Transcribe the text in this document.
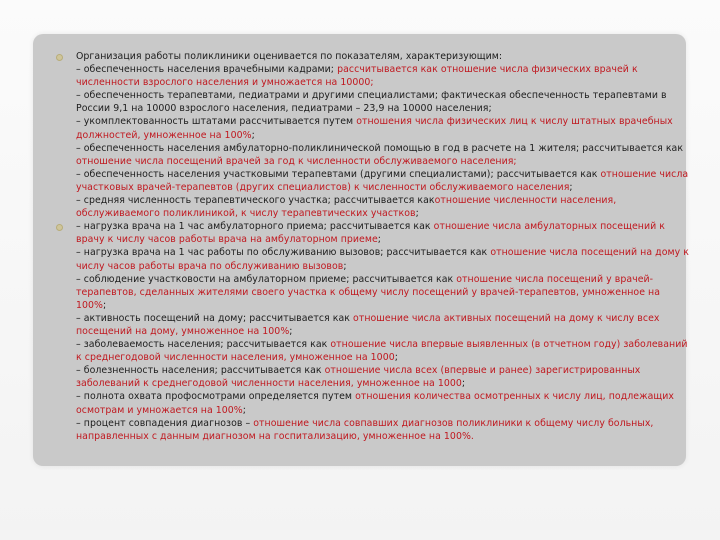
Организация работы поликлиники оценивается по показателям, характеризующим:

– обеспеченность населения врачебными кадрами; рассчитывается как отношение числа физических врачей к численности взрослого населения и умножается на 10000;

– обеспеченность терапевтами, педиатрами и другими специалистами; фактическая обеспеченность терапевтами в России 9,1 на 10000 взрослого населения, педиатрами – 23,9 на 10000 населения;

– укомплектованность штатами рассчитывается путем отношения числа физических лиц к числу штатных врачебных должностей, умноженное на 100%;

– обеспеченность населения амбулаторно-поликлинической помощью в год в расчете на 1 жителя; рассчитывается как отношение числа посещений врачей за год к численности обслуживаемого населения;

– обеспеченность населения участковыми терапевтами (другими специалистами); рассчитывается как отношение числа участковых врачей-терапевтов (других специалистов) к численности обслуживаемого населения;

– средняя численность терапевтического участка; рассчитывается какотношение численности населения, обслуживаемого поликлиникой, к числу терапевтических участков;

– нагрузка врача на 1 час амбулаторного приема; рассчитывается как отношение числа амбулаторных посещений к врачу к числу часов работы врача на амбулаторном приеме;

– нагрузка врача на 1 час работы по обслуживанию вызовов; рассчитывается как отношение числа посещений на дому к числу часов работы врача по обслуживанию вызовов;

– соблюдение участковости на амбулаторном приеме; рассчитывается как отношение числа посещений у врачей-терапевтов, сделанных жителями своего участка к общему числу посещений у врачей-терапевтов, умноженное на 100%;

– активность посещений на дому; рассчитывается как отношение числа активных посещений на дому к числу всех посещений на дому, умноженное на 100%;

– заболеваемость населения; рассчитывается как отношение числа впервые выявленных (в отчетном году) заболеваний к среднегодовой численности населения, умноженное на 1000;

– болезненность населения; рассчитывается как отношение числа всех (впервые и ранее) зарегистрированных заболеваний к среднегодовой численности населения, умноженное на 1000;

– полнота охвата профосмотрами определяется путем отношения количества осмотренных к числу лиц, подлежащих осмотрам и умножается на 100%;

– процент совпадения диагнозов – отношение числа совпавших диагнозов поликлиники к общему числу больных, направленных с данным диагнозом на госпитализацию, умноженное на 100%.
